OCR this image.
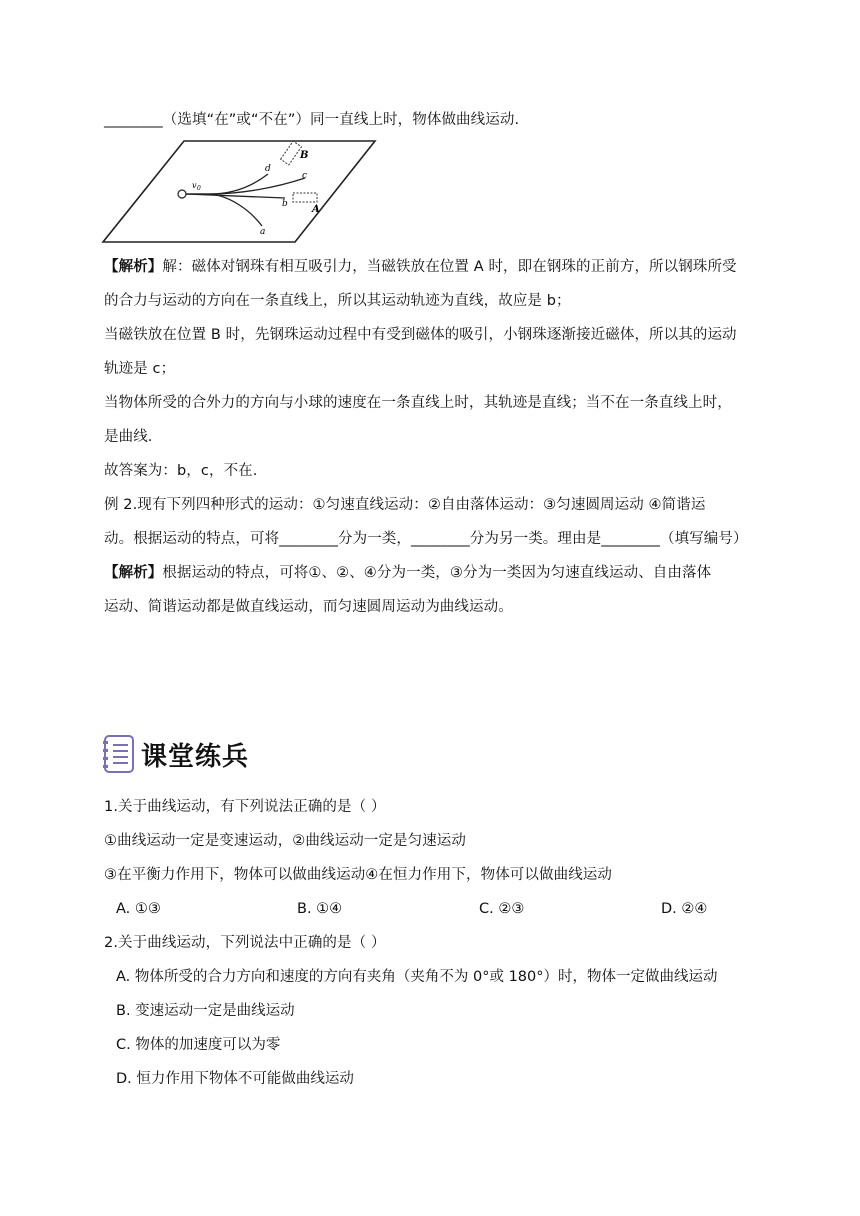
________（选填“在”或“不在”）同一直线上时，物体做曲线运动.
B
A
v 0
d
c
b
a
【解析】解：磁体对钢珠有相互吸引力，当磁铁放在位置 A 时，即在钢珠的正前方，所以钢珠所受
的合力与运动的方向在一条直线上，所以其运动轨迹为直线，故应是 b；
当磁铁放在位置 B 时，先钢珠运动过程中有受到磁体的吸引，小钢珠逐渐接近磁体，所以其的运动
轨迹是 c；
当物体所受的合外力的方向与小球的速度在一条直线上时，其轨迹是直线；当不在一条直线上时，
是曲线.
故答案为：b，c，不在.
例 2.现有下列四种形式的运动：①匀速直线运动：②自由落体运动：③匀速圆周运动 ④简谐运
动。根据运动的特点，可将________分为一类，________分为另一类。理由是________（填写编号）
【解析】根据运动的特点，可将①、②、④分为一类，③分为一类因为匀速直线运动、自由落体
运动、简谐运动都是做直线运动，而匀速圆周运动为曲线运动。
课堂练兵
1.关于曲线运动，有下列说法正确的是（ ）
①曲线运动一定是变速运动，②曲线运动一定是匀速运动
③在平衡力作用下，物体可以做曲线运动④在恒力作用下，物体可以做曲线运动
A. ①③	B. ①④	C. ②③	D. ②④
2.关于曲线运动，下列说法中正确的是（ ）
A. 物体所受的合力方向和速度的方向有夹角（夹角不为 0°或 180°）时，物体一定做曲线运动
B. 变速运动一定是曲线运动
C. 物体的加速度可以为零
D. 恒力作用下物体不可能做曲线运动
